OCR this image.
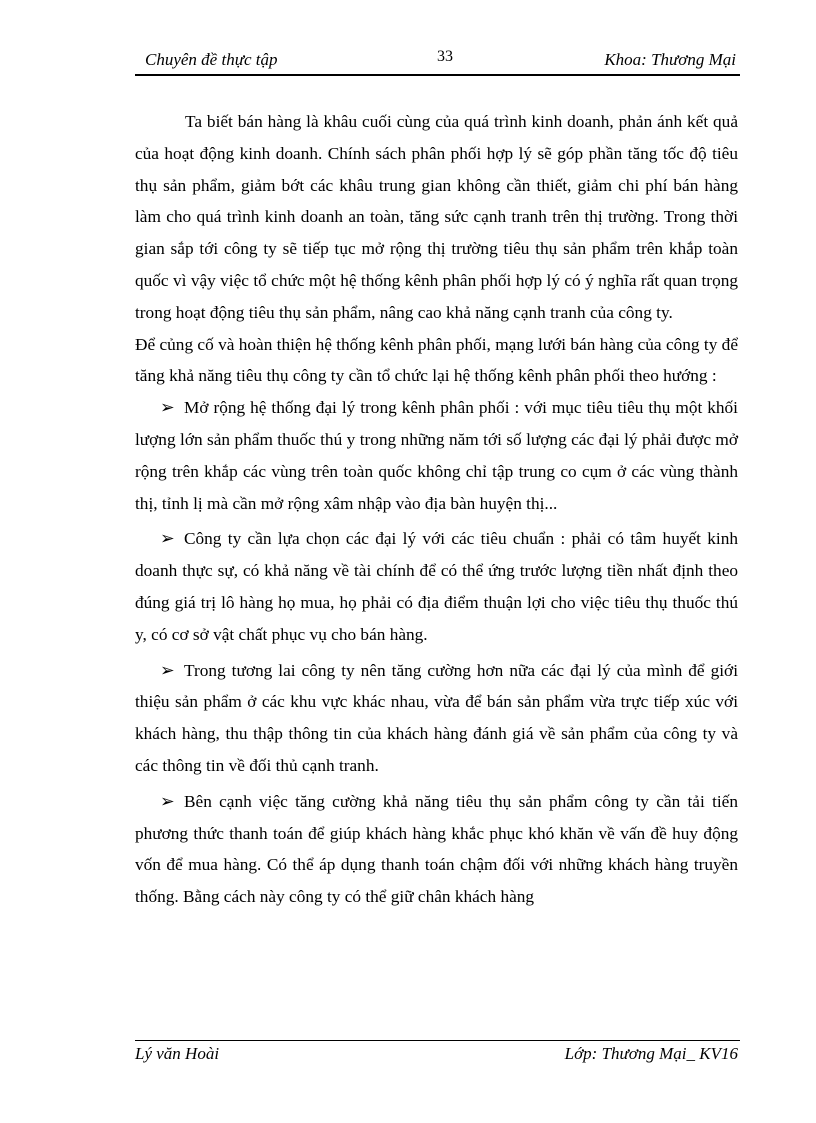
Chuyên đề thực tập	33	Khoa: Thương Mại

Ta biết bán hàng là khâu cuối cùng của quá trình kinh doanh, phản ánh kết quả của hoạt động kinh doanh. Chính sách phân phối hợp lý sẽ góp phần tăng tốc độ tiêu thụ sản phẩm, giảm bớt các khâu trung gian không cần thiết, giảm chi phí bán hàng làm cho quá trình kinh doanh an toàn, tăng sức cạnh tranh trên thị trường. Trong thời gian sắp tới công ty sẽ tiếp tục mở rộng thị trường tiêu thụ sản phẩm trên khắp toàn quốc vì vậy việc tổ chức một hệ thống kênh phân phối hợp lý có ý nghĩa rất quan trọng trong hoạt động tiêu thụ sản phẩm, nâng cao khả năng cạnh tranh của công ty.

Để củng cố và hoàn thiện hệ thống kênh phân phối, mạng lưới bán hàng của công ty để tăng khả năng tiêu thụ công ty cần tổ chức lại hệ thống kênh phân phối theo hướng :

➢ Mở rộng hệ thống đại lý trong kênh phân phối : với mục tiêu tiêu thụ một khối lượng lớn sản phẩm thuốc thú y trong những năm tới số lượng các đại lý phải được mở rộng trên khắp các vùng trên toàn quốc không chỉ tập trung co cụm ở các vùng thành thị, tỉnh lị mà cần mở rộng xâm nhập vào địa bàn huyện thị...

➢ Công ty cần lựa chọn các đại lý với các tiêu chuẩn : phải có tâm huyết kinh doanh thực sự, có khả năng về tài chính để có thể ứng trước lượng tiền nhất định theo đúng giá trị lô hàng họ mua, họ phải có địa điểm thuận lợi cho việc tiêu thụ thuốc thú y, có cơ sở vật chất phục vụ cho bán hàng.

➢ Trong tương lai công ty nên tăng cường hơn nữa các đại lý của mình để giới thiệu sản phẩm ở các khu vực khác nhau, vừa để bán sản phẩm vừa trực tiếp xúc với khách hàng, thu thập thông tin của khách hàng đánh giá về sản phẩm của công ty và các thông tin về đối thủ cạnh tranh.

➢ Bên cạnh việc tăng cường khả năng tiêu thụ sản phẩm công ty cần tải tiến phương thức thanh toán để giúp khách hàng khắc phục khó khăn về vấn đề huy động vốn để mua hàng. Có thể áp dụng thanh toán chậm đối với những khách hàng truyền thống. Bằng cách này công ty có thể giữ chân khách hàng

Lý văn Hoài	Lớp: Thương Mại_ KV16
